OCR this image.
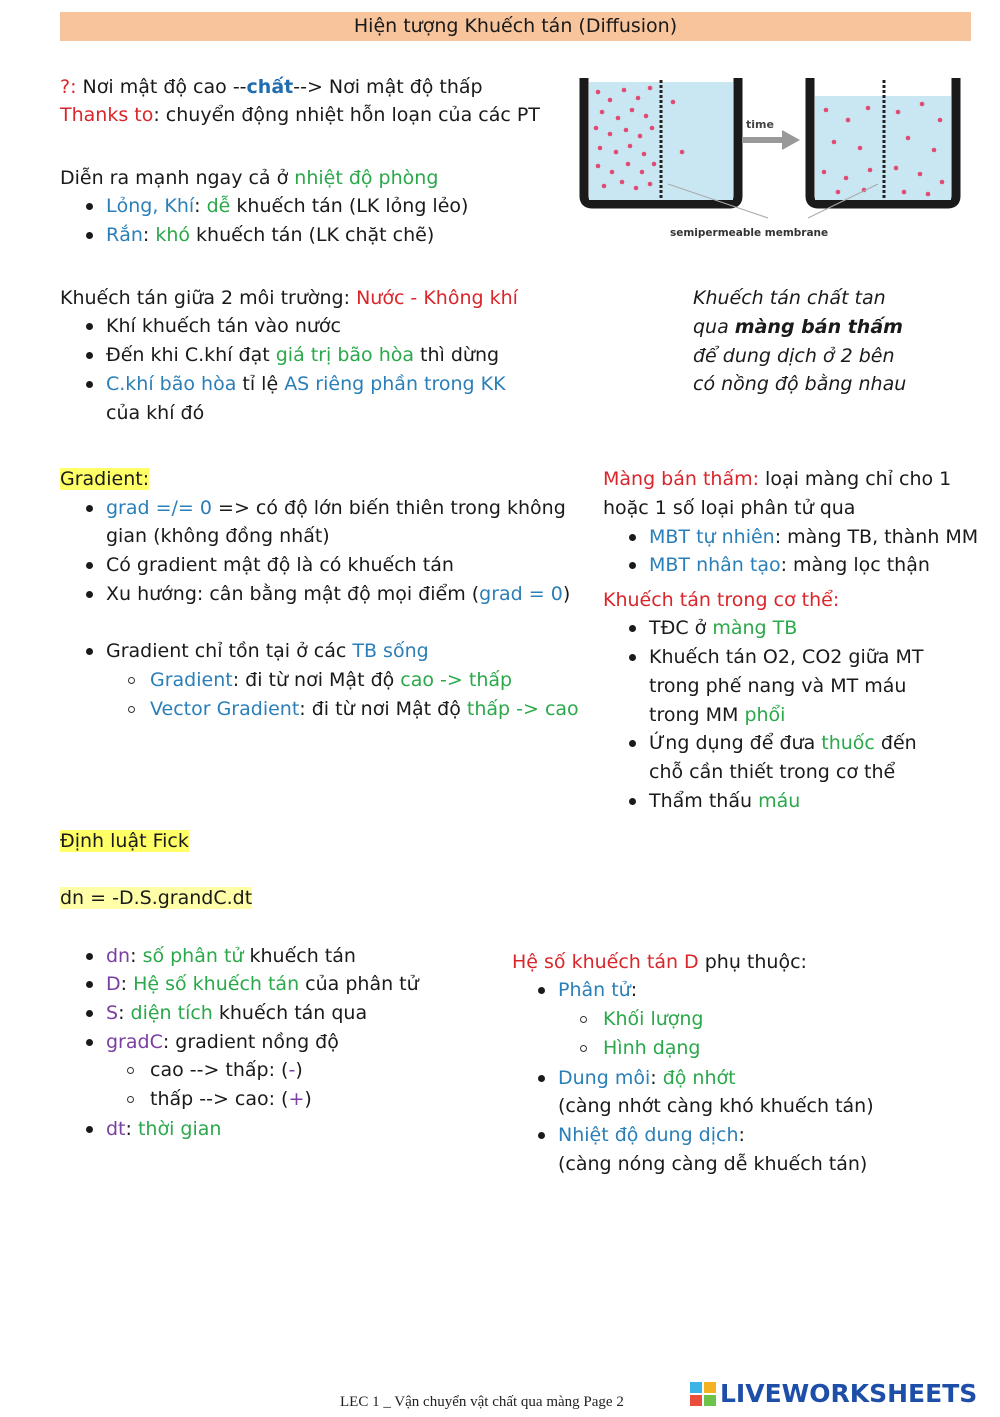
Hiện tượng Khuếch tán (Diffusion)
?: Nơi mật độ cao --chất--> Nơi mật độ thấp
Thanks to: chuyển động nhiệt hỗn loạn của các PT
Diễn ra mạnh ngay cả ở nhiệt độ phòng
Lỏng, Khí: dễ khuếch tán (LK lỏng lẻo)
Rắn: khó khuếch tán (LK chặt chẽ)
time
semipermeable membrane
Khuếch tán chất tan
qua màng bán thấm
để dung dịch ở 2 bên
có nồng độ bằng nhau
Khuếch tán giữa 2 môi trường: Nước - Không khí
Khí khuếch tán vào nước
Đến khi C.khí đạt giá trị bão hòa thì dừng
C.khí bão hòa tỉ lệ AS riêng phần trong KK
của khí đó
Gradient:
grad =/= 0 => có độ lớn biến thiên trong không
gian (không đồng nhất)
Có gradient mật độ là có khuếch tán
Xu hướng: cân bằng mật độ mọi điểm (grad = 0)
Gradient chỉ tồn tại ở các TB sống
Gradient: đi từ nơi Mật độ cao -> thấp
Vector Gradient: đi từ nơi Mật độ thấp -> cao
Màng bán thấm: loại màng chỉ cho 1
hoặc 1 số loại phân tử qua
MBT tự nhiên: màng TB, thành MM
MBT nhân tạo: màng lọc thận
Khuếch tán trong cơ thể:
TĐC ở màng TB
Khuếch tán O2, CO2 giữa MT
trong phế nang và MT máu
trong MM phổi
Ứng dụng để đưa thuốc đến
chỗ cần thiết trong cơ thể
Thẩm thấu máu
Định luật Fick
dn = -D.S.grandC.dt
dn: số phân tử khuếch tán
D: Hệ số khuếch tán của phân tử
S: diện tích khuếch tán qua
gradC: gradient nồng độ
cao --> thấp: (-)
thấp --> cao: (+)
dt: thời gian
Hệ số khuếch tán D phụ thuộc:
Phân tử:
Khối lượng
Hình dạng
Dung môi: độ nhớt
(càng nhớt càng khó khuếch tán)
Nhiệt độ dung dịch:
(càng nóng càng dễ khuếch tán)
LEC 1 _ Vận chuyển vật chất qua màng Page 2	LIVEWORKSHEETS
